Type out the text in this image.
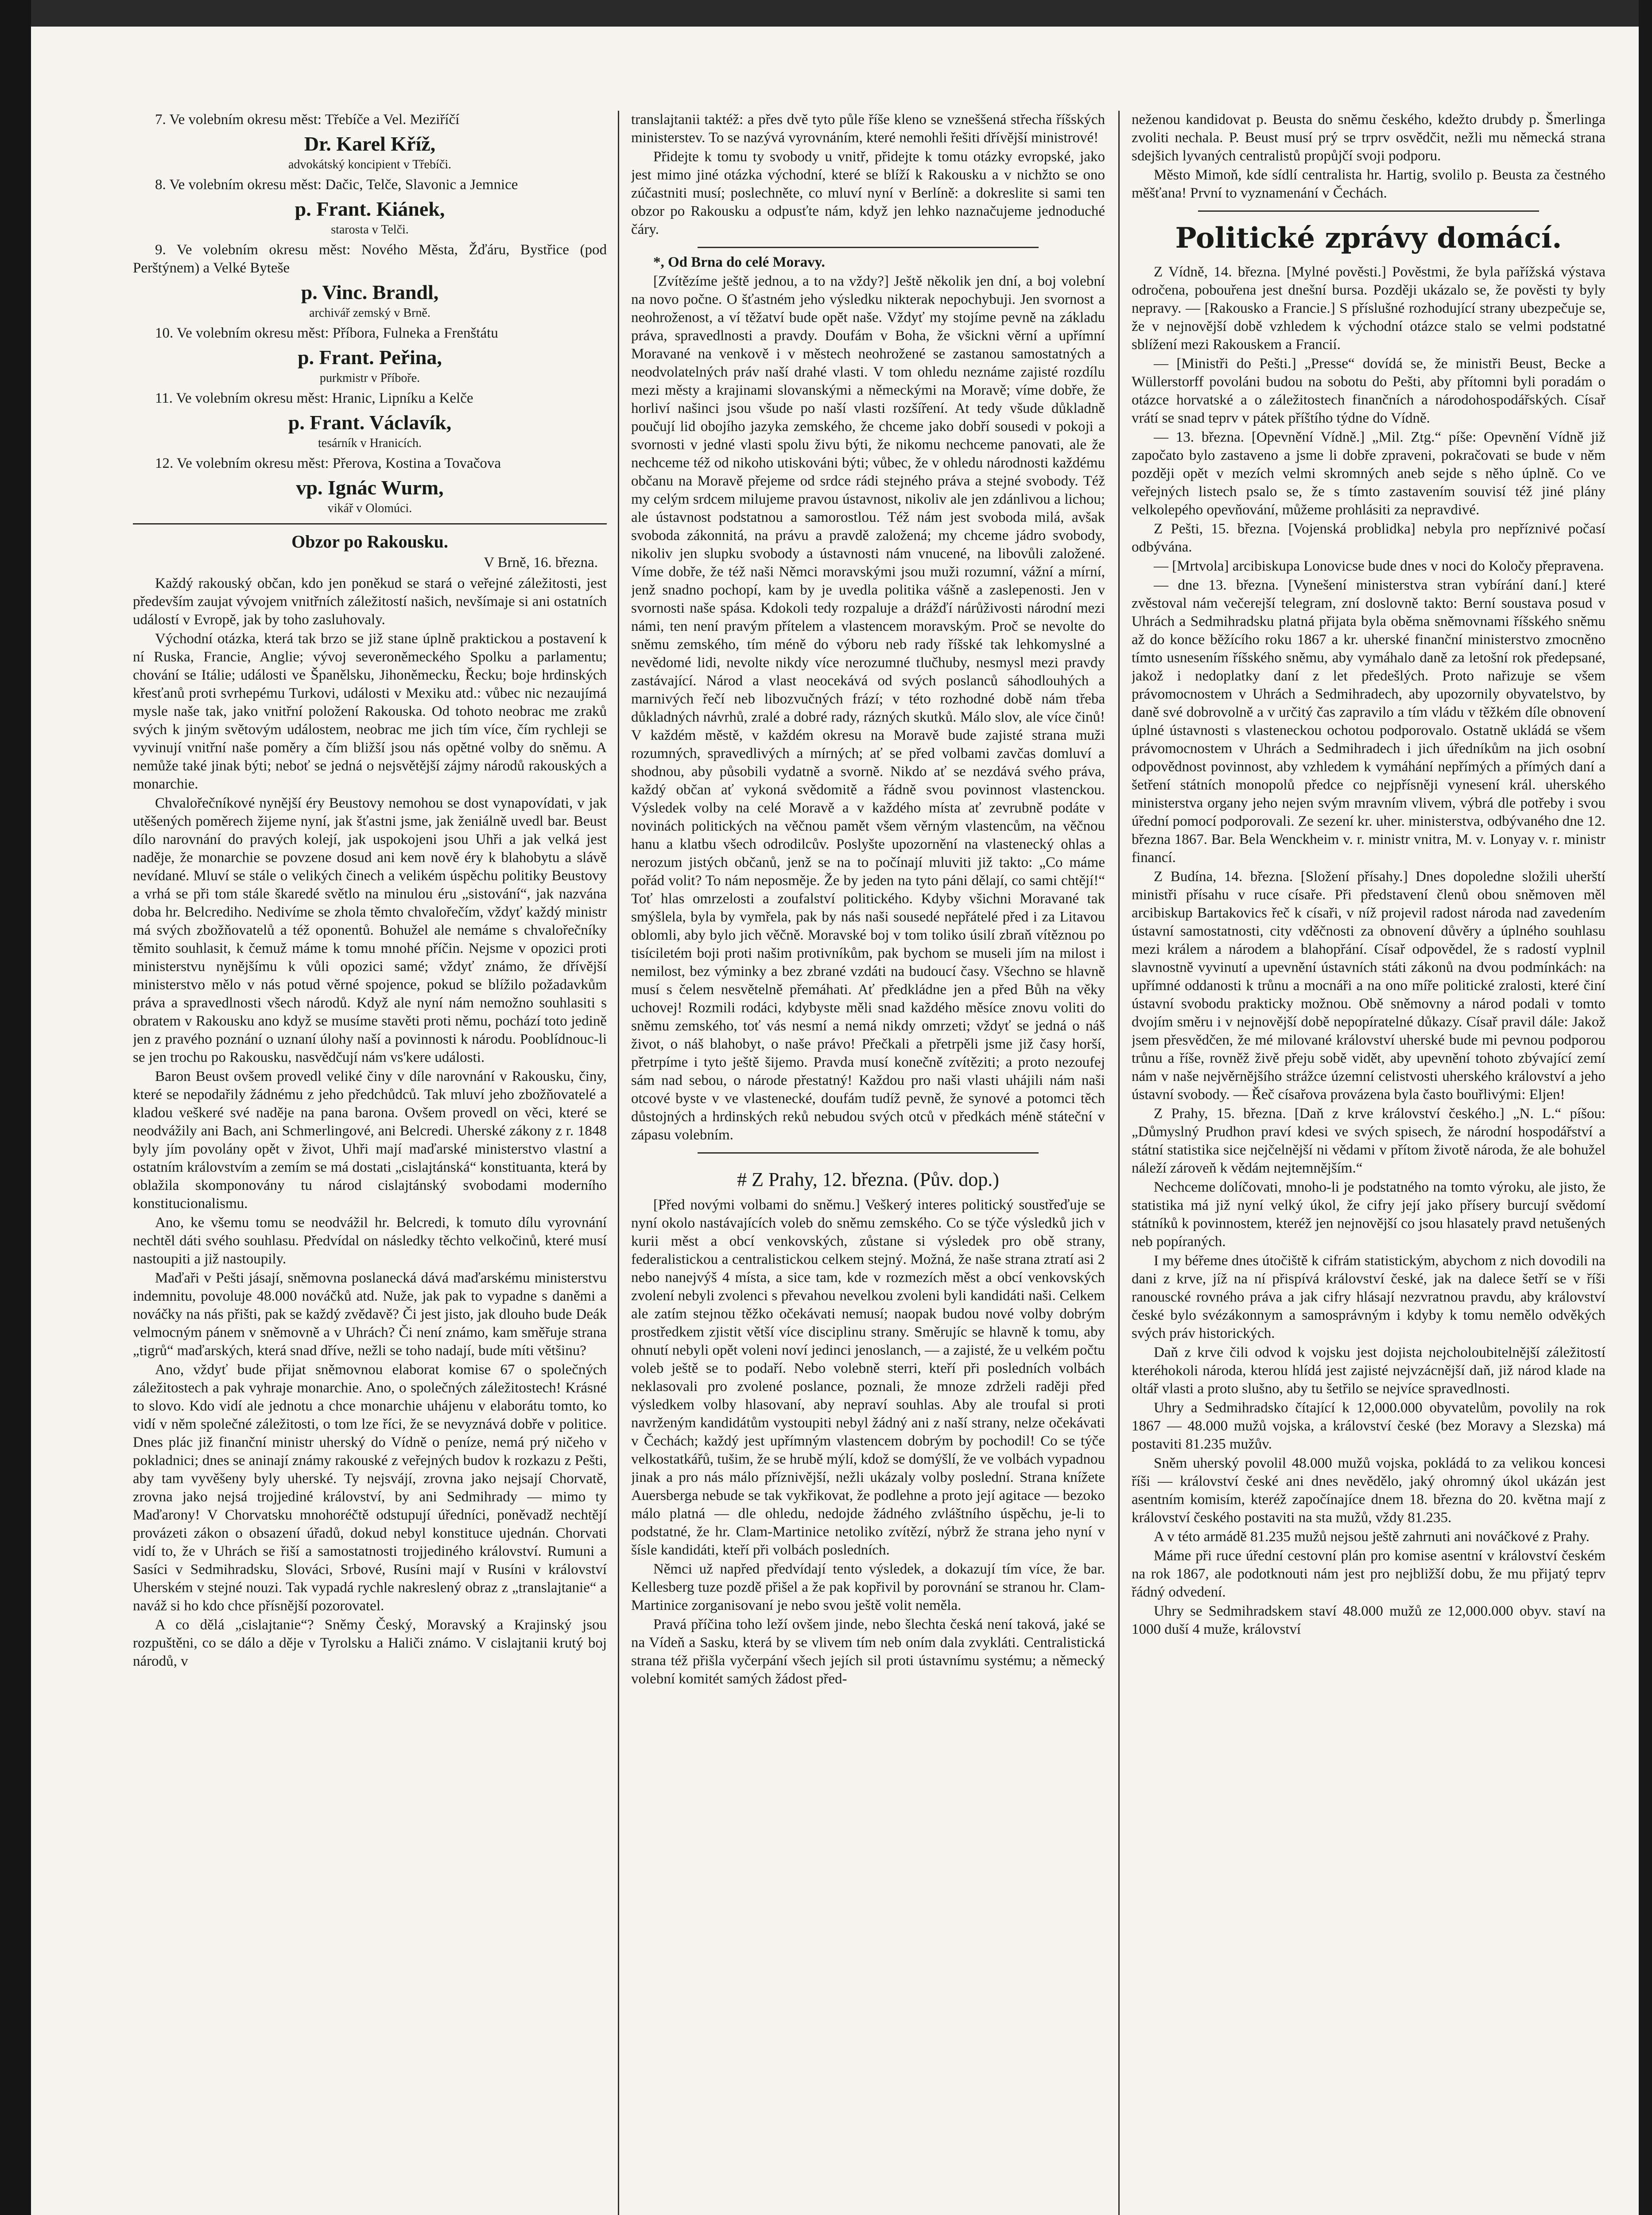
7. Ve volebním okresu měst: Třebíče a Vel. Meziříčí

Dr. Karel Kříž,

advokátský koncipient v Třebíči.

8. Ve volebním okresu měst: Dačic, Telče, Slavonic a Jemnice

p. Frant. Kiánek,

starosta v Telči.

9. Ve volebním okresu měst: Nového Města, Žďáru, Bystřice (pod Perštýnem) a Velké Byteše

p. Vinc. Brandl,

archivář zemský v Brně.

10. Ve volebním okresu měst: Příbora, Fulneka a Frenštátu

p. Frant. Peřina,

purkmistr v Příboře.

11. Ve volebním okresu měst: Hranic, Lipníku a Kelče

p. Frant. Václavík,

tesárník v Hranicích.

12. Ve volebním okresu měst: Přerova, Kostina a Tovačova

vp. Ignác Wurm,

vikář v Olomúci.

Obzor po Rakousku.

V Brně, 16. března.

Každý rakouský občan, kdo jen poněkud se stará o veřejné záležitosti, jest především zaujat vývojem vnitřních záležitostí našich, nevšímaje si ani ostatních událostí v Evropě, jak by toho zasluhovaly.

Východní otázka, která tak brzo se již stane úplně praktickou a postavení k ní Ruska, Francie, Anglie; vývoj severoněmeckého Spolku a parlamentu; chování se Itálie; události ve Španělsku, Jihoněmecku, Řecku; boje hrdinských křesťanů proti svrhepému Turkovi, události v Mexiku atd.: vůbec nic nezaujímá mysle naše tak, jako vnitřní položení Rakouska. Od tohoto neobrac me zraků svých k jiným světovým událostem, neobrac me jich tím více, čím rychleji se vyvinují vnitřní naše poměry a čím bližší jsou nás opětné volby do sněmu. A nemůže také jinak býti; neboť se jedná o nejsvětější zájmy národů rakouských a monarchie.

Chvalořečníkové nynější éry Beustovy nemohou se dost vynapovídati, v jak utěšených poměrech žijeme nyní, jak šťastni jsme, jak ženiálně uvedl bar. Beust dílo narovnání do pravých kolejí, jak uspokojeni jsou Uhři a jak velká jest naděje, že monarchie se povzene dosud ani kem nově éry k blahobytu a slávě nevídané. Mluví se stále o velikých činech a velikém úspěchu politiky Beustovy a vrhá se při tom stále škaredé světlo na minulou éru „sistování“, jak nazvána doba hr. Belcrediho. Nedivíme se zhola těmto chvalořečím, vždyť každý ministr má svých zbožňovatelů a též oponentů. Bohužel ale nemáme s chvalořečníky těmito souhlasit, k čemuž máme k tomu mnohé příčin. Nejsme v opozici proti ministerstvu nynějšímu k vůli opozici samé; vždyť známo, že dřívější ministerstvo mělo v nás potud věrné spojence, pokud se blížilo požadavkům práva a spravedlnosti všech národů. Když ale nyní nám nemožno souhlasiti s obratem v Rakousku ano když se musíme stavěti proti němu, pochází toto jedině jen z pravého poznání o uznaní úlohy naší a povinnosti k národu. Pooblídnouc-li se jen trochu po Rakousku, nasvědčují nám vs'kere události.

Baron Beust ovšem provedl veliké činy v díle narovnání v Rakousku, činy, které se nepodařily žádnému z jeho předchůdců. Tak mluví jeho zbožňovatelé a kladou veškeré své naděje na pana barona. Ovšem provedl on věci, které se neodvážily ani Bach, ani Schmerlingové, ani Belcredi. Uherské zákony z r. 1848 byly jím povolány opět v život, Uhři mají maďarské ministerstvo vlastní a ostatním královstvím a zemím se má dostati „cislajtánská“ konstituanta, která by oblažila skomponovány tu národ cislajtánský svobodami moderního konstitucionalismu.

Ano, ke všemu tomu se neodvážil hr. Belcredi, k tomuto dílu vyrovnání nechtěl dáti svého souhlasu. Předvídal on následky těchto velkočinů, které musí nastoupiti a již nastoupily.

Maďaři v Pešti jásají, sněmovna poslanecká dává maďarskému ministerstvu indemnitu, povoluje 48.000 nováčků atd. Nuže, jak pak to vypadne s daněmi a nováčky na nás přišti, pak se každý zvědavě? Či jest jisto, jak dlouho bude Deák velmocným pánem v sněmovně a v Uhrách? Či není známo, kam směřuje strana „tigrů“ maďarských, která snad dříve, nežli se toho nadají, bude míti většinu?

Ano, vždyť bude přijat sněmovnou elaborat komise 67 o společných záležitostech a pak vyhraje monarchie. Ano, o společných záležitostech! Krásné to slovo. Kdo vidí ale jednotu a chce monarchie uhájenu v elaborátu tomto, ko vidí v něm společné záležitosti, o tom lze říci, že se nevyznává dobře v politice. Dnes plác již finanční ministr uherský do Vídně o peníze, nemá prý ničeho v pokladnici; dnes se aninají známy rakouské z veřejných budov k rozkazu z Pešti, aby tam vyvěšeny byly uherské. Ty nejsvájí, zrovna jako nejsají Chorvatě, zrovna jako nejsá trojjediné království, by ani Sedmihrady — mimo ty Maďarony! V Chorvatsku mnohoréčtě odstupují úředníci, poněvadž nechtějí provázeti zákon o obsazení úřadů, dokud nebyl konstituce ujednán. Chorvati vidí to, že v Uhrách se řiší a samostatnosti trojjediného království. Rumuni a Sasíci v Sedmihradsku, Slováci, Srbové, Rusíni mají v Rusíni v království Uherském v stejné nouzi. Tak vypadá rychle nakreslený obraz z „translajtanie“ a naváž si ho kdo chce přísnější pozorovatel.

A co dělá „cislajtanie“? Sněmy Český, Moravský a Krajinský jsou rozpuštěni, co se dálo a děje v Tyrolsku a Haliči známo. V cislajtanii krutý boj národů, v

translajtanii taktéž: a přes dvě tyto půle říše kleno se vzneššená střecha říšských ministerstev. To se nazývá vyrovnáním, které nemohli řešiti dřívější ministrové!

Přidejte k tomu ty svobody u vnitř, přidejte k tomu otázky evropské, jako jest mimo jiné otázka východní, které se blíží k Rakousku a v nichžto se ono zúčastniti musí; poslechněte, co mluví nyní v Berlíně: a dokreslite si sami ten obzor po Rakousku a odpusťte nám, když jen lehko naznačujeme jednoduché čáry.

*, Od Brna do celé Moravy.

[Zvítězíme ještě jednou, a to na vždy?] Ještě několik jen dní, a boj volební na novo počne. O šťastném jeho výsledku nikterak nepochybuji. Jen svornost a neohroženost, a ví těžatví bude opět naše. Vždyť my stojíme pevně na základu práva, spravedlnosti a pravdy. Doufám v Boha, že všickni věrní a upřímní Moravané na venkově i v městech neohrožené se zastanou samostatných a neodvolatelných práv naší drahé vlasti. V tom ohledu neznáme zajisté rozdílu mezi městy a krajinami slovanskými a německými na Moravě; víme dobře, že horliví našinci jsou všude po naší vlasti rozšíření. At tedy všude důkladně poučují lid obojího jazyka zemského, že chceme jako dobří sousedi v pokoji a svornosti v jedné vlasti spolu živu býti, že nikomu nechceme panovati, ale že nechceme též od nikoho utiskováni býti; vůbec, že v ohledu národnosti každému občanu na Moravě přejeme od srdce rádi stejného práva a stejné svobody. Též my celým srdcem milujeme pravou ústavnost, nikoliv ale jen zdánlivou a lichou; ale ústavnost podstatnou a samorostlou. Též nám jest svoboda milá, avšak svoboda zákonnitá, na právu a pravdě založená; my chceme jádro svobody, nikoliv jen slupku svobody a ústavnosti nám vnucené, na libovůli založené. Víme dobře, že též naši Němci moravskými jsou muži rozumní, vážní a mírní, jenž snadno pochopí, kam by je uvedla politika vášně a zaslepenosti. Jen v svornosti naše spása. Kdokoli tedy rozpaluje a drážďí nárůživosti národní mezi námi, ten není pravým přítelem a vlastencem moravským. Proč se nevolte do sněmu zemského, tím méně do výboru neb rady říšské tak lehkomyslné a nevědomé lidi, nevolte nikdy více nerozumné tlučhuby, nesmysl mezi pravdy zastávající. Národ a vlast neocekává od svých poslanců sáhodlouhých a marnivých řečí neb libozvučných frází; v této rozhodné době nám třeba důkladných návrhů, zralé a dobré rady, rázných skutků. Málo slov, ale více činů! V každém městě, v každém okresu na Moravě bude zajisté strana muži rozumných, spravedlivých a mírných; ať se před volbami zavčas domluví a shodnou, aby působili vydatně a svorně. Nikdo ať se nezdává svého práva, každý občan ať vykoná svědomitě a řádně svou povinnost vlastenckou. Výsledek volby na celé Moravě a v každého místa ať zevrubně podáte v novinách politických na věčnou pamět všem věrným vlastencům, na věčnou hanu a klatbu všech odrodilcův. Poslyšte upozornění na vlastenecký ohlas a nerozum jistých občanů, jenž se na to počínají mluviti již takto: „Co máme pořád volit? To nám neposměje. Že by jeden na tyto páni dělají, co sami chtějí!“ Toť hlas omrzelosti a zoufalství politického. Kdyby všichni Moravané tak smýšlela, byla by vymřela, pak by nás naši sousedé nepřátelé před i za Litavou oblomli, aby bylo jich věčně. Moravské boj v tom toliko úsilí zbraň vítěznou po tisíciletém boji proti našim protivníkům, pak bychom se museli jím na milost i nemilost, bez výminky a bez zbrané vzdáti na budoucí časy. Všechno se hlavně musí s čelem nesvětelně přemáhati. Ať předkládne jen a před Bůh na věky uchovej! Rozmili rodáci, kdybyste měli snad každého měsíce znovu voliti do sněmu zemského, toť vás nesmí a nemá nikdy omrzeti; vždyť se jedná o náš život, o náš blahobyt, o naše právo! Přečkali a přetrpěli jsme již časy horší, přetrpíme i tyto ještě šijemo. Pravda musí konečně zvítěziti; a proto nezoufej sám nad sebou, o národe přestatný! Každou pro naši vlasti uhájili nám naši otcové byste v ve vlastenecké, doufám tudíž pevně, že synové a potomci těch důstojných a hrdinských reků nebudou svých otců v předkách méně státeční v zápasu volebním.

# Z Prahy, 12. března. (Pův. dop.)

[Před novými volbami do sněmu.] Veškerý interes politický soustřeďuje se nyní okolo nastávajících voleb do sněmu zemského. Co se týče výsledků jich v kurii měst a obcí venkovských, zůstane si výsledek pro obě strany, federalistickou a centralistickou celkem stejný. Možná, že naše strana ztratí asi 2 nebo nanejvýš 4 místa, a sice tam, kde v rozmezích měst a obcí venkovských zvolení nebyli zvolenci s převahou nevelkou zvoleni byli kandidáti naši. Celkem ale zatím stejnou těžko očekávati nemusí; naopak budou nové volby dobrým prostředkem zjistit větší více disciplinu strany. Směrujíc se hlavně k tomu, aby ohnutí nebyli opět voleni noví jedinci jenoslanch, — a zajisté, že u velkém počtu voleb ještě se to podaří. Nebo volebně sterri, kteří při posledních volbách neklasovali pro zvolené poslance, poznali, že mnoze zdrželi raději před výsledkem volby hlasovaní, aby nepraví souhlas. Aby ale troufal si proti navrženým kandidátům vystoupiti nebyl žádný ani z naší strany, nelze očekávati v Čechách; každý jest upřímným vlastencem dobrým by pochodil! Co se týče velkostatkářů, tušim, že se hrubě mýlí, kdož se domýšlí, že ve volbách vypadnou jinak a pro nás málo příznivější, nežli ukázaly volby poslední. Strana knížete Auersberga nebude se tak vykřikovat, že podlehne a proto její agitace — bezoko málo platná — dle ohledu, nedojde žádného zvláštního úspěchu, je-li to podstatné, že hr. Clam-Martinice netoliko zvítězí, nýbrž že strana jeho nyní v šísle kandidáti, kteří při volbách posledních.

Němci už napřed předvídají tento výsledek, a dokazují tím více, že bar. Kellesberg tuze pozdě přišel a že pak kopřivil by porovnání se stranou hr. Clam-Martinice zorganisovaní je nebo svou ještě volit neměla.

Pravá příčina toho leží ovšem jinde, nebo šlechta česká není taková, jaké se na Vídeň a Sasku, která by se vlivem tím neb oním dala zvykláti. Centralistická strana též přišla vyčerpání všech jejích sil proti ústavnímu systému; a německý volební komitét samých žádost před-

neženou kandidovat p. Beusta do sněmu českého, kdežto drubdy p. Šmerlinga zvoliti nechala. P. Beust musí prý se trprv osvědčit, nežli mu německá strana sdejšich lyvaných centralistů propůjčí svoji podporu.

Město Mimoň, kde sídlí centralista hr. Hartig, svolilo p. Beusta za čestného měšťana! První to vyznamenání v Čechách.

Politické zprávy domácí.

Z Vídně, 14. března. [Mylné pověsti.] Pověstmi, že byla pařížská výstava odročena, pobouřena jest dnešní bursa. Později ukázalo se, že pověsti ty byly nepravy. — [Rakousko a Francie.] S příslušné rozhodující strany ubezpečuje se, že v nejnovější době vzhledem k východní otázce stalo se velmi podstatné sblížení mezi Rakouskem a Francií.

— [Ministři do Pešti.] „Presse“ dovídá se, že ministři Beust, Becke a Wüllerstorff povoláni budou na sobotu do Pešti, aby přítomni byli poradám o otázce horvatské a o záležitostech finančních a národohospodářských. Císař vrátí se snad teprv v pátek příštího týdne do Vídně.

— 13. března. [Opevnění Vídně.] „Mil. Ztg.“ píše: Opevnění Vídně již započato bylo zastaveno a jsme li dobře zpraveni, pokračovati se bude v něm později opět v mezích velmi skromných aneb sejde s něho úplně. Co ve veřejných listech psalo se, že s tímto zastavením souvisí též jiné plány velkolepého opevňování, můžeme prohlásiti za nepravdivé.

Z Pešti, 15. března. [Vojenská problidka] nebyla pro nepříznivé počasí odbývána.

— [Mrtvola] arcibiskupa Lonovicse bude dnes v noci do Koločy přepravena.

— dne 13. března. [Vynešení ministerstva stran vybírání daní.] které zvěstoval nám večerejší telegram, zní doslovně takto: Berní soustava posud v Uhrách a Sedmihradsku platná přijata byla oběma sněmovnami říšského sněmu až do konce běžícího roku 1867 a kr. uherské finanční ministerstvo zmocněno tímto usnesením říšského sněmu, aby vymáhalo daně za letošní rok předepsané, jakož i nedoplatky daní z let předešlých. Proto nařizuje se všem právomocnostem v Uhrách a Sedmihradech, aby upozornily obyvatelstvo, by daně své dobrovolně a v určitý čas zapravilo a tím vládu v těžkém díle obnovení úplné ústavnosti s vlasteneckou ochotou podporovalo. Ostatně ukládá se všem právomocnostem v Uhrách a Sedmihradech i jich úředníkům na jich osobní odpovědnost povinnost, aby vzhledem k vymáhání nepřímých a přímých daní a šetření státních monopolů předce co nejpřísněji vynesení král. uherského ministerstva organy jeho nejen svým mravním vlivem, výbrá dle potřeby i svou úřední pomocí podporovali. Ze sezení kr. uher. ministerstva, odbývaného dne 12. března 1867. Bar. Bela Wenckheim v. r. ministr vnitra, M. v. Lonyay v. r. ministr financí.

Z Budína, 14. března. [Složení přísahy.] Dnes dopoledne složili uherští ministři přísahu v ruce císaře. Při představení členů obou sněmoven měl arcibiskup Bartakovics řeč k císaři, v níž projevil radost národa nad zavedením ústavní samostatnosti, city vděčnosti za obnovení důvěry a úplného souhlasu mezi králem a národem a blahopřání. Císař odpovědel, že s radostí vyplnil slavnostně vyvinutí a upevnění ústavních státi zákonů na dvou podmínkách: na upřímné oddanosti k trůnu a mocnáři a na ono míře politické zralosti, které činí ústavní svobodu prakticky možnou. Obě sněmovny a národ podali v tomto dvojím směru i v nejnovější době nepopíratelné důkazy. Císař pravil dále: Jakož jsem přesvědčen, že mé milované království uherské bude mi pevnou podporou trůnu a říše, rovněž živě přeju sobě vidět, aby upevnění tohoto zbývající zemí nám v naše nejvěrnějšího strážce územní celistvosti uherského království a jeho ústavní svobody. — Řeč císařova provázena byla často bouřlivými: Eljen!

Z Prahy, 15. března. [Daň z krve království českého.] „N. L.“ píšou: „Důmyslný Prudhon praví kdesi ve svých spisech, že národní hospodářství a státní statistika sice nejčelnější ni vědami v přítom životě národa, že ale bohužel náleží zároveň k vědám nejtemnějším.“

Nechceme dolíčovati, mnoho-li je podstatného na tomto výroku, ale jisto, že statistika má již nyní velký úkol, že cifry její jako přísery burcují svědomí státníků k povinnostem, kteréž jen nejnovější co jsou hlasately pravd netušených neb popíraných.

I my béřeme dnes útočiště k cifrám statistickým, abychom z nich dovodili na dani z krve, jíž na ní přispívá království české, jak na dalece šetří se v říši ranouscké rovného práva a jak cifry hlásají nezvratnou pravdu, aby království české bylo svézákonnym a samosprávným i kdyby k tomu nemělo odvěkých svých práv historických.

Daň z krve čili odvod k vojsku jest dojista nejcholoubitelnější záležitostí kteréhokoli národa, kterou hlídá jest zajisté nejvzácnější daň, již národ klade na oltář vlasti a proto slušno, aby tu šetřilo se nejvíce spravedlnosti.

Uhry a Sedmihradsko čítající k 12,000.000 obyvatelům, povolily na rok 1867 — 48.000 mužů vojska, a království české (bez Moravy a Slezska) má postaviti 81.235 mužův.

Sněm uherský povolil 48.000 mužů vojska, pokládá to za velikou koncesi říši — království české ani dnes nevědělo, jaký ohromný úkol ukázán jest asentním komisím, kteréž započínajíce dnem 18. března do 20. května mají z království českého postaviti na sta mužů, vždy 81.235.

A v této armádě 81.235 mužů nejsou ještě zahrnuti ani nováčkové z Prahy.

Máme při ruce úřední cestovní plán pro komise asentní v království českém na rok 1867, ale podotknouti nám jest pro nejbližší dobu, že mu přijatý teprv řádný odvedení.

Uhry se Sedmihradskem staví 48.000 mužů ze 12,000.000 obyv. staví na 1000 duší 4 muže, království
